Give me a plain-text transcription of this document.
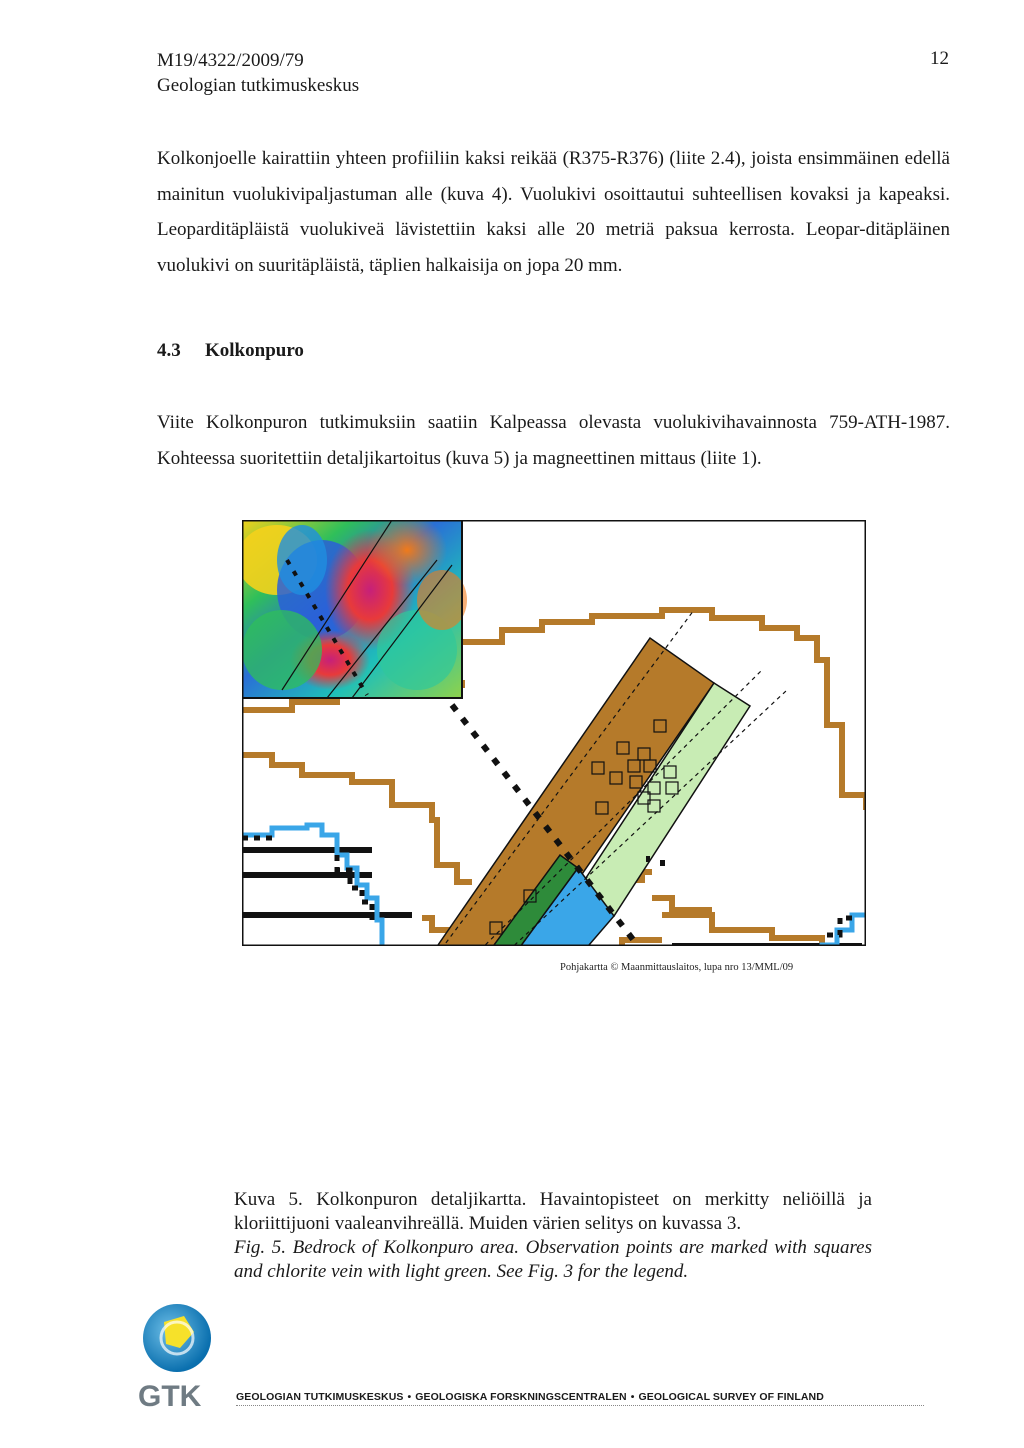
M19/4322/2009/79
Geologian tutkimuskeskus
12
Kolkonjoelle kairattiin yhteen profiiliin kaksi reikää (R375-R376) (liite 2.4), joista ensimmäinen edellä mainitun vuolukivipaljastuman alle (kuva 4). Vuolukivi osoittautui suhteellisen kovaksi ja kapeaksi. Leoparditäpläistä vuolukiveä lävistettiin kaksi alle 20 metriä paksua kerrosta. Leopar-ditäpläinen vuolukivi on suuritäpläistä, täplien halkaisija on jopa 20 mm.
4.3 Kolkonpuro
Viite Kolkonpuron tutkimuksiin saatiin Kalpeassa olevasta vuolukivihavainnosta 759-ATH-1987. Kohteessa suoritettiin detaljikartoitus (kuva 5) ja magneettinen mittaus (liite 1).
Pohjakartta © Maanmittauslaitos, lupa nro 13/MML/09
Kuva 5. Kolkonpuron detaljikartta. Havaintopisteet on merkitty neliöillä ja kloriittijuoni vaaleanvihreällä. Muiden värien selitys on kuvassa 3.
Fig. 5. Bedrock of Kolkonpuro area. Observation points are marked with squares and chlorite vein with light green. See Fig. 3 for the legend.
GTK	GEOLOGIAN TUTKIMUSKESKUS • GEOLOGISKA FORSKNINGSCENTRALEN • GEOLOGICAL SURVEY OF FINLAND
